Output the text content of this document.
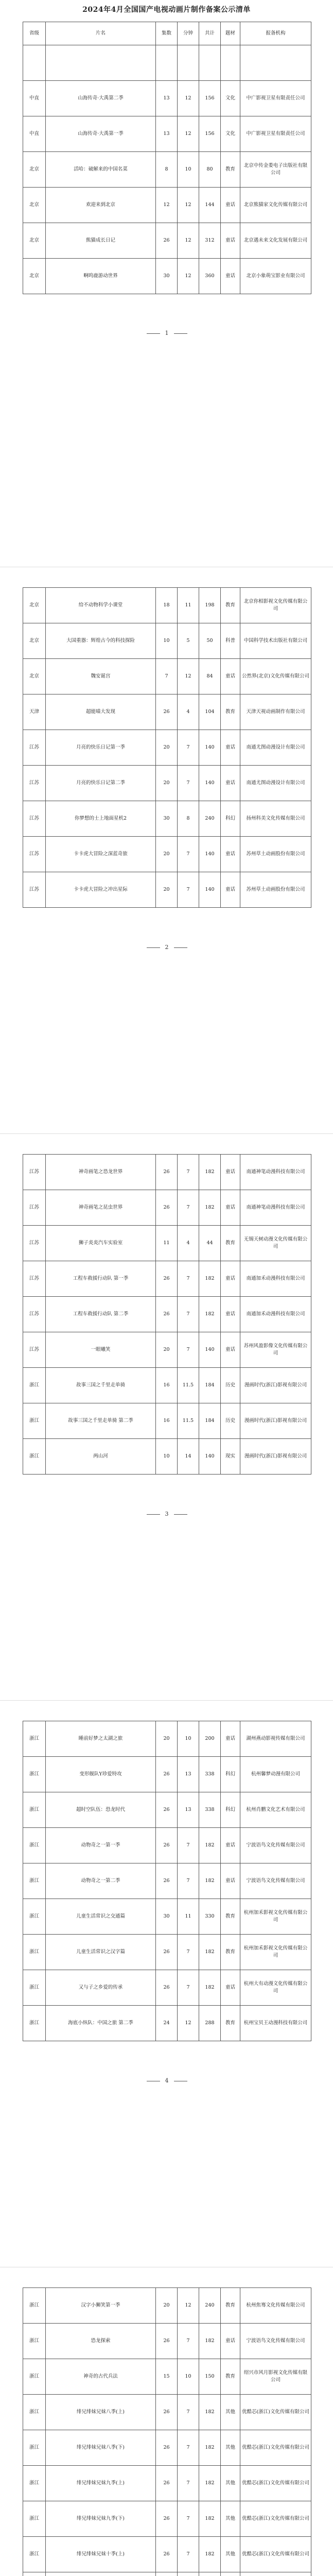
2024年4月全国国产电视动画片制作备案公示清单
省级	片名	集数	分钟	共计	题材	报备机构

中直	山海传奇·大禹第二季	13	12	156	文化	中广影视卫星有限责任公司
中直	山海传奇·大禹第一季	13	12	156	文化	中广影视卫星有限责任公司
北京	活哈：破解来的中国名菜	8	10	80	教育	北京中传金娄电子出版社有限公司
北京	欢迎来到北京	12	12	144	童话	北京熊猫家文化传媒有限公司
北京	熊猫成长日记	26	12	312	童话	北京遇未来文化发展有限公司
北京	啊呜鹿游动世界	30	12	360	童话	北京小象萌宝影业有限公司
1
北京	给不动物科学小课堂	18	11	198	教育	北京你相影视文化传媒有限公司
北京	大国重器：辉煌古今的科技探险	10	5	50	科普	中国科学技术出版社有限公司
北京	魏安诞宫	7	12	84	童话	公然界(北京)文化传媒有限公司
天津	超能喵大发现	26	4	104	教育	天津天视动画制作有限公司
江苏	月亮的快乐日记第一季	20	7	140	童话	南通尤图动漫设计有限公司
江苏	月亮的快乐日记第二季	20	7	140	童话	南通尤图动漫设计有限公司
江苏	你梦想的士上地面星机2	30	8	240	科幻	扬州科美文化传媒有限公司
江苏	卡卡虎大冒险之深蓝奇旅	20	7	140	童话	苏州草土动画股份有限公司
江苏	卡卡虎大冒险之冲出星际	20	7	140	童话	苏州草土动画股份有限公司
2
江苏	神奇画笔之恐龙世界	26	7	182	童话	南通神笔动漫科技有限公司
江苏	神奇画笔之昆虫世界	26	7	182	童话	南通神笔动漫科技有限公司
江苏	狮子炎炎汽车实验室	11	4	44	教育	无锡天树动漫文化传媒有限公司
江苏	工程车救援行动队 第一季	26	7	182	童话	南通加禾动漫科技有限公司
江苏	工程车救援行动队 第二季	26	7	182	童话	南通加禾动漫科技有限公司
江苏	一眼曦笑	20	7	140	童话	苏州风盈影像文化传媒有限公司
浙江	故事三国之千里走单骑	16	11.5	184	历史	漫画时代(浙江)影视有限公司
浙江	故事三国之千里走单骑 第二季	16	11.5	184	历史	漫画时代(浙江)影视有限公司
浙江	两山河	10	14	140	现实	漫画时代(浙江)影视有限公司
3
浙江	睡前好梦之太湖之旅	20	10	200	童话	湖州燕动影视传媒有限公司
浙江	变形舰队Y珍爱特攻	26	13	338	科幻	杭州馨梦动漫有限公司
浙江	超时空队伍：恐龙时代	26	13	338	科幻	杭州肖鹏文化艺术有限公司
浙江	动物奇之一第一季	26	7	182	童话	宁波语鸟文化传媒有限公司
浙江	动物奇之一第二季	26	7	182	童话	宁波语鸟文化传媒有限公司
浙江	儿童生活常识之交通篇	30	11	330	教育	杭州加禾影视文化传媒有限公司
浙江	儿童生活常识之汉字篇	26	7	182	教育	杭州加禾影视文化传媒有限公司
浙江	又与子之乡爱的传承	26	7	182	童话	杭州大有动漫文化传媒有限公司
浙江	海底小纵队：中国之旅 第二季	24	12	288	教育	杭州宝贝王动漫科技有限公司
4
浙江	汉字小狮笑第一季	20	12	240	教育	杭州焦骞文化传媒有限公司
浙江	恐龙探索	26	7	182	童话	宁波语鸟文化传媒有限公司
浙江	神奇的古代兵法	15	10	150	教育	绍兴市风月影视文化传媒有限公司
浙江	绯兄绯妹兄妹八季(上)	26	7	182	其他	优酷芯(浙江)文化传媒有限公司
浙江	绯兄绯妹兄妹八季(下)	26	7	182	其他	优酷芯(浙江)文化传媒有限公司
浙江	绯兄绯妹兄妹九季(上)	26	7	182	其他	优酷芯(浙江)文化传媒有限公司
浙江	绯兄绯妹兄妹九季(下)	26	7	182	其他	优酷芯(浙江)文化传媒有限公司
浙江	绯兄绯妹兄妹十季(上)	26	7	182	其他	优酷芯(浙江)文化传媒有限公司
